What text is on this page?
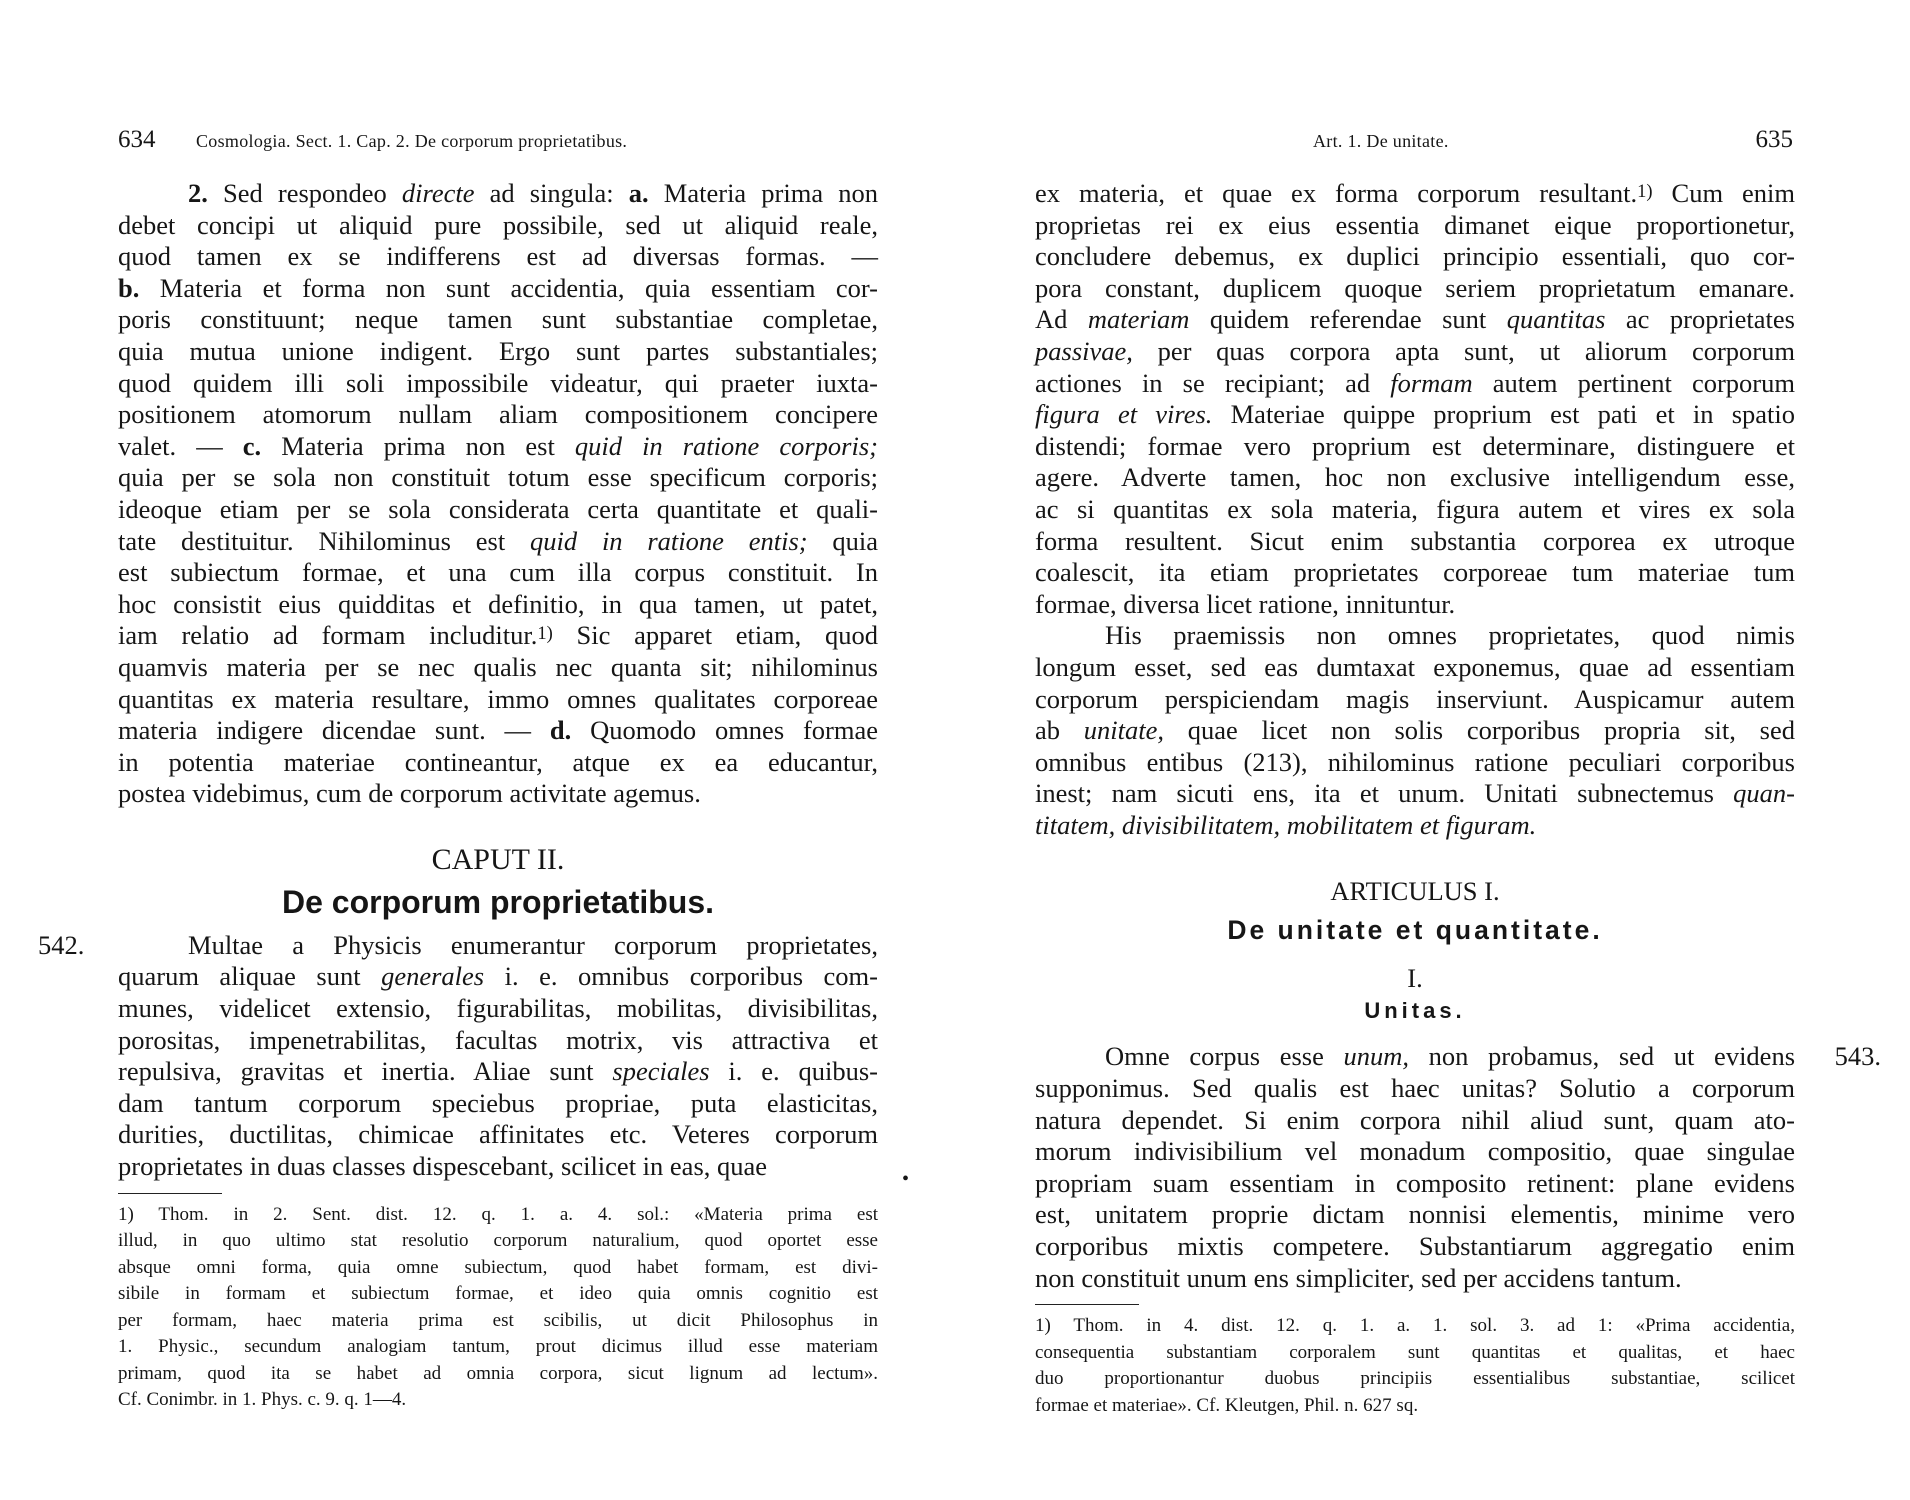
634 Cosmologia. Sect. 1. Cap. 2. De corporum proprietatibus.
2. Sed respondeo directe ad singula: a. Materia prima non
debet concipi ut aliquid pure possibile, sed ut aliquid reale,
quod tamen ex se indifferens est ad diversas formas. —
b. Materia et forma non sunt accidentia, quia essentiam cor-
poris constituunt; neque tamen sunt substantiae completae,
quia mutua unione indigent. Ergo sunt partes substantiales;
quod quidem illi soli impossibile videatur, qui praeter iuxta-
positionem atomorum nullam aliam compositionem concipere
valet. — c. Materia prima non est quid in ratione corporis;
quia per se sola non constituit totum esse specificum corporis;
ideoque etiam per se sola considerata certa quantitate et quali-
tate destituitur. Nihilominus est quid in ratione entis; quia
est subiectum formae, et una cum illa corpus constituit. In
hoc consistit eius quidditas et definitio, in qua tamen, ut patet,
iam relatio ad formam includitur.$^{1)}$ Sic apparet etiam, quod
quamvis materia per se nec qualis nec quanta sit; nihilominus
quantitas ex materia resultare, immo omnes qualitates corporeae
materia indigere dicendae sunt. — d. Quomodo omnes formae
in potentia materiae contineantur, atque ex ea educantur,
postea videbimus, cum de corporum activitate agemus.
CAPUT II.
De corporum proprietatibus.
542.	Multae a Physicis enumerantur corporum proprietates,
quarum aliquae sunt generales i. e. omnibus corporibus com-
munes, videlicet extensio, figurabilitas, mobilitas, divisibilitas,
porositas, impenetrabilitas, facultas motrix, vis attractiva et
repulsiva, gravitas et inertia. Aliae sunt speciales i. e. quibus-
dam tantum corporum speciebus propriae, puta elasticitas,
durities, ductilitas, chimicae affinitates etc. Veteres corporum
proprietates in duas classes dispescebant, scilicet in eas, quae
1) Thom. in 2. Sent. dist. 12. q. 1. a. 4. sol.: «Materia prima est
illud, in quo ultimo stat resolutio corporum naturalium, quod oportet esse
absque omni forma, quia omne subiectum, quod habet formam, est divi-
sibile in formam et subiectum formae, et ideo quia omnis cognitio est
per formam, haec materia prima est scibilis, ut dicit Philosophus in
1. Physic., secundum analogiam tantum, prout dicimus illud esse materiam
primam, quod ita se habet ad omnia corpora, sicut lignum ad lectum».
Cf. Conimbr. in 1. Phys. c. 9. q. 1—4.
•
Art. 1. De unitate.	635
ex materia, et quae ex forma corporum resultant.$^{1)}$ Cum enim
proprietas rei ex eius essentia dimanet eique proportionetur,
concludere debemus, ex duplici principio essentiali, quo cor-
pora constant, duplicem quoque seriem proprietatum emanare.
Ad materiam quidem referendae sunt quantitas ac proprietates
passivae, per quas corpora apta sunt, ut aliorum corporum
actiones in se recipiant; ad formam autem pertinent corporum
figura et vires. Materiae quippe proprium est pati et in spatio
distendi; formae vero proprium est determinare, distinguere et
agere. Adverte tamen, hoc non exclusive intelligendum esse,
ac si quantitas ex sola materia, figura autem et vires ex sola
forma resultent. Sicut enim substantia corporea ex utroque
coalescit, ita etiam proprietates corporeae tum materiae tum
formae, diversa licet ratione, innituntur.
His praemissis non omnes proprietates, quod nimis
longum esset, sed eas dumtaxat exponemus, quae ad essentiam
corporum perspiciendam magis inserviunt. Auspicamur autem
ab unitate, quae licet non solis corporibus propria sit, sed
omnibus entibus (213), nihilominus ratione peculiari corporibus
inest; nam sicuti ens, ita et unum. Unitati subnectemus quan-
titatem, divisibilitatem, mobilitatem et figuram.
ARTICULUS I.
De unitate et quantitate.
I.
Unitas.
543.
Omne corpus esse unum, non probamus, sed ut evidens
supponimus. Sed qualis est haec unitas? Solutio a corporum
natura dependet. Si enim corpora nihil aliud sunt, quam ato-
morum indivisibilium vel monadum compositio, quae singulae
propriam suam essentiam in composito retinent: plane evidens
est, unitatem proprie dictam nonnisi elementis, minime vero
corporibus mixtis competere. Substantiarum aggregatio enim
non constituit unum ens simpliciter, sed per accidens tantum.
1) Thom. in 4. dist. 12. q. 1. a. 1. sol. 3. ad 1: «Prima accidentia,
consequentia substantiam corporalem sunt quantitas et qualitas, et haec
duo proportionantur duobus principiis essentialibus substantiae, scilicet
formae et materiae». Cf. Kleutgen, Phil. n. 627 sq.
